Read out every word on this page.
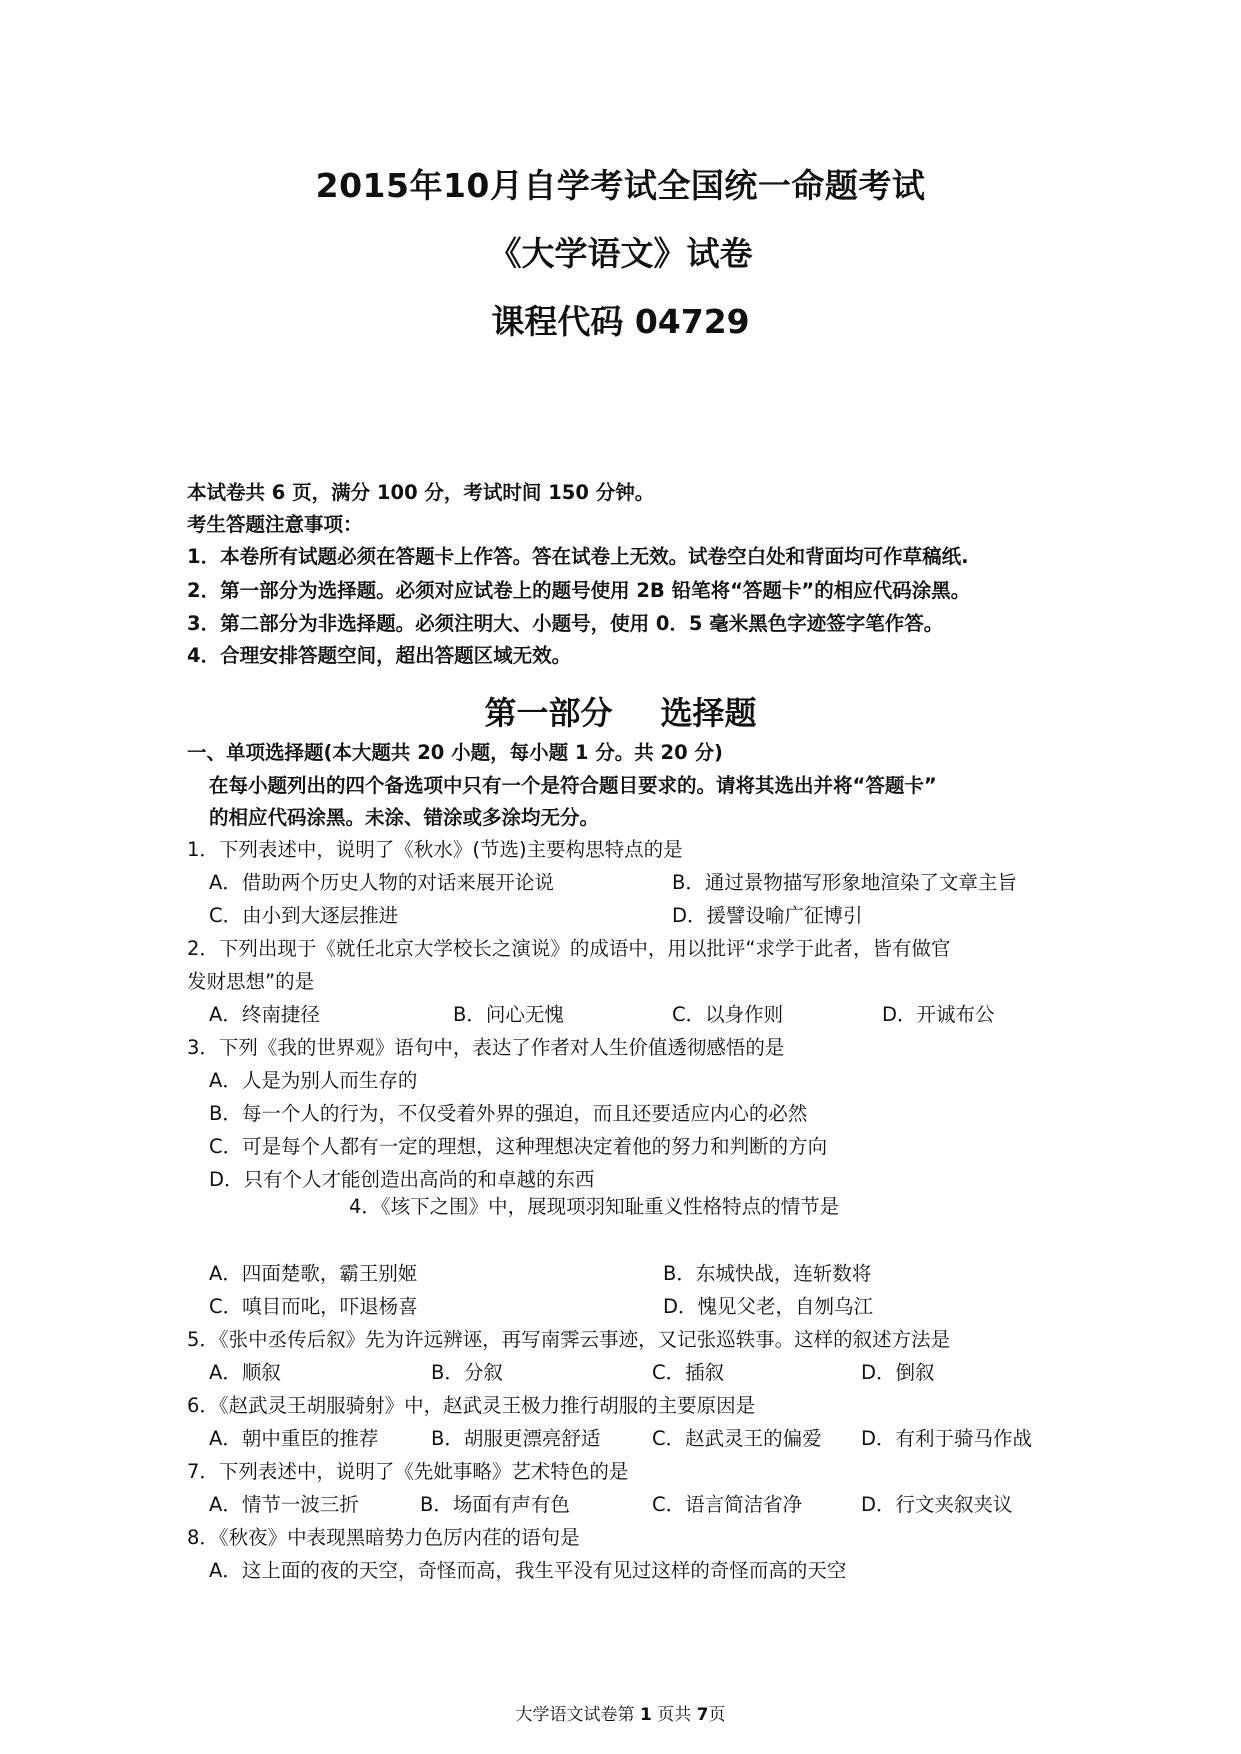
2015年10月自学考试全国统一命题考试
《大学语文》试卷
课程代码 04729
本试卷共 6 页，满分 100 分，考试时间 150 分钟。
考生答题注意事项：
1．本卷所有试题必须在答题卡上作答。答在试卷上无效。试卷空白处和背面均可作草稿纸.
2．第一部分为选择题。必须对应试卷上的题号使用 2B 铅笔将“答题卡”的相应代码涂黑。
3．第二部分为非选择题。必须注明大、小题号，使用 0．5 毫米黑色字迹签字笔作答。
4．合理安排答题空间，超出答题区域无效。
第一部分 选择题
一、单项选择题(本大题共 20 小题，每小题 1 分。共 20 分)
在每小题列出的四个备选项中只有一个是符合题目要求的。请将其选出并将“答题卡”
的相应代码涂黑。未涂、错涂或多涂均无分。
1．下列表述中，说明了《秋水》(节选)主要构思特点的是
A．借助两个历史人物的对话来展开论说	B．通过景物描写形象地渲染了文章主旨
C．由小到大逐层推进	D．援譬设喻广征博引
2．下列出现于《就任北京大学校长之演说》的成语中，用以批评“求学于此者，皆有做官
发财思想”的是
A．终南捷径	B．问心无愧	C．以身作则	D．开诚布公
3．下列《我的世界观》语句中，表达了作者对人生价值透彻感悟的是
A．人是为别人而生存的
B．每一个人的行为，不仅受着外界的强迫，而且还要适应内心的必然
C．可是每个人都有一定的理想，这种理想决定着他的努力和判断的方向
D．只有个人才能创造出高尚的和卓越的东西
4．《垓下之围》中，展现项羽知耻重义性格特点的情节是
A．四面楚歌，霸王别姬	B．东城快战，连斩数将
C．嗔目而叱，吓退杨喜	D．愧见父老，自刎乌江
5．《张中丞传后叙》先为许远辨诬，再写南霁云事迹，又记张巡轶事。这样的叙述方法是
A．顺叙	B．分叙	C．插叙	D．倒叙
6．《赵武灵王胡服骑射》中，赵武灵王极力推行胡服的主要原因是
A．朝中重臣的推荐	B．胡服更漂亮舒适	C．赵武灵王的偏爱 D．有利于骑马作战
7．下列表述中，说明了《先妣事略》艺术特色的是
A．情节一波三折	B．场面有声有色	C．语言简洁省净	D．行文夹叙夹议
8．《秋夜》中表现黑暗势力色厉内荏的语句是
A．这上面的夜的天空，奇怪而高，我生平没有见过这样的奇怪而高的天空
大学语文试卷第 1 页共 7页
